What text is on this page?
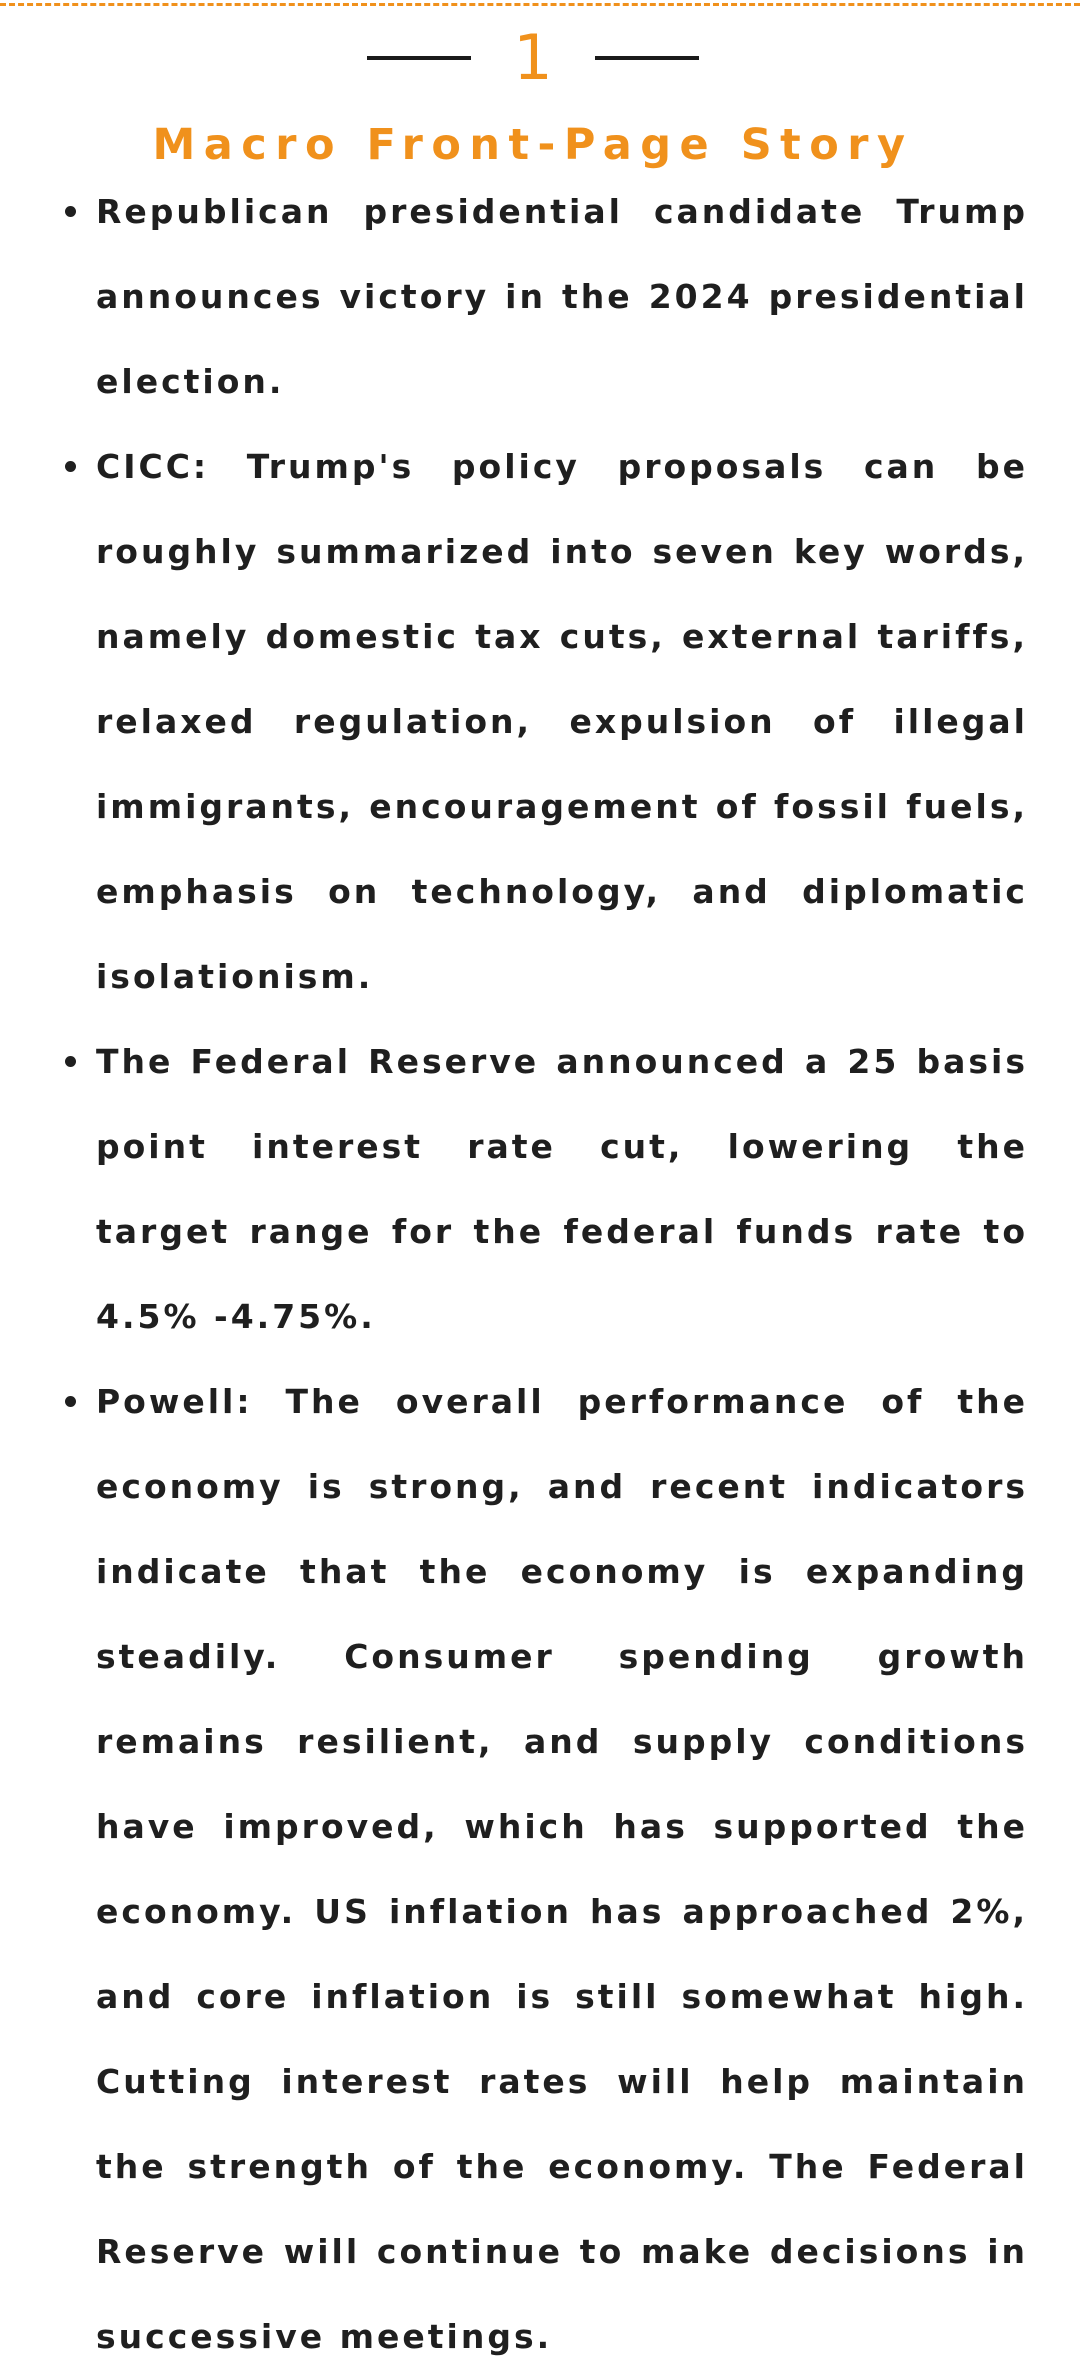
1
Macro Front-Page Story
Republican presidential candidate Trump announces victory in the 2024 presidential election.
CICC: Trump's policy proposals can be roughly summarized into seven key words, namely domestic tax cuts, external tariffs, relaxed regulation, expulsion of illegal immigrants, encouragement of fossil fuels, emphasis on technology, and diplomatic isolationism.
The Federal Reserve announced a 25 basis point interest rate cut, lowering the target range for the federal funds rate to 4.5% -4.75%.
Powell: The overall performance of the economy is strong, and recent indicators indicate that the economy is expanding steadily. Consumer spending growth remains resilient, and supply conditions have improved, which has supported the economy. US inflation has approached 2%, and core inflation is still somewhat high. Cutting interest rates will help maintain the strength of the economy. The Federal Reserve will continue to make decisions in successive meetings.
